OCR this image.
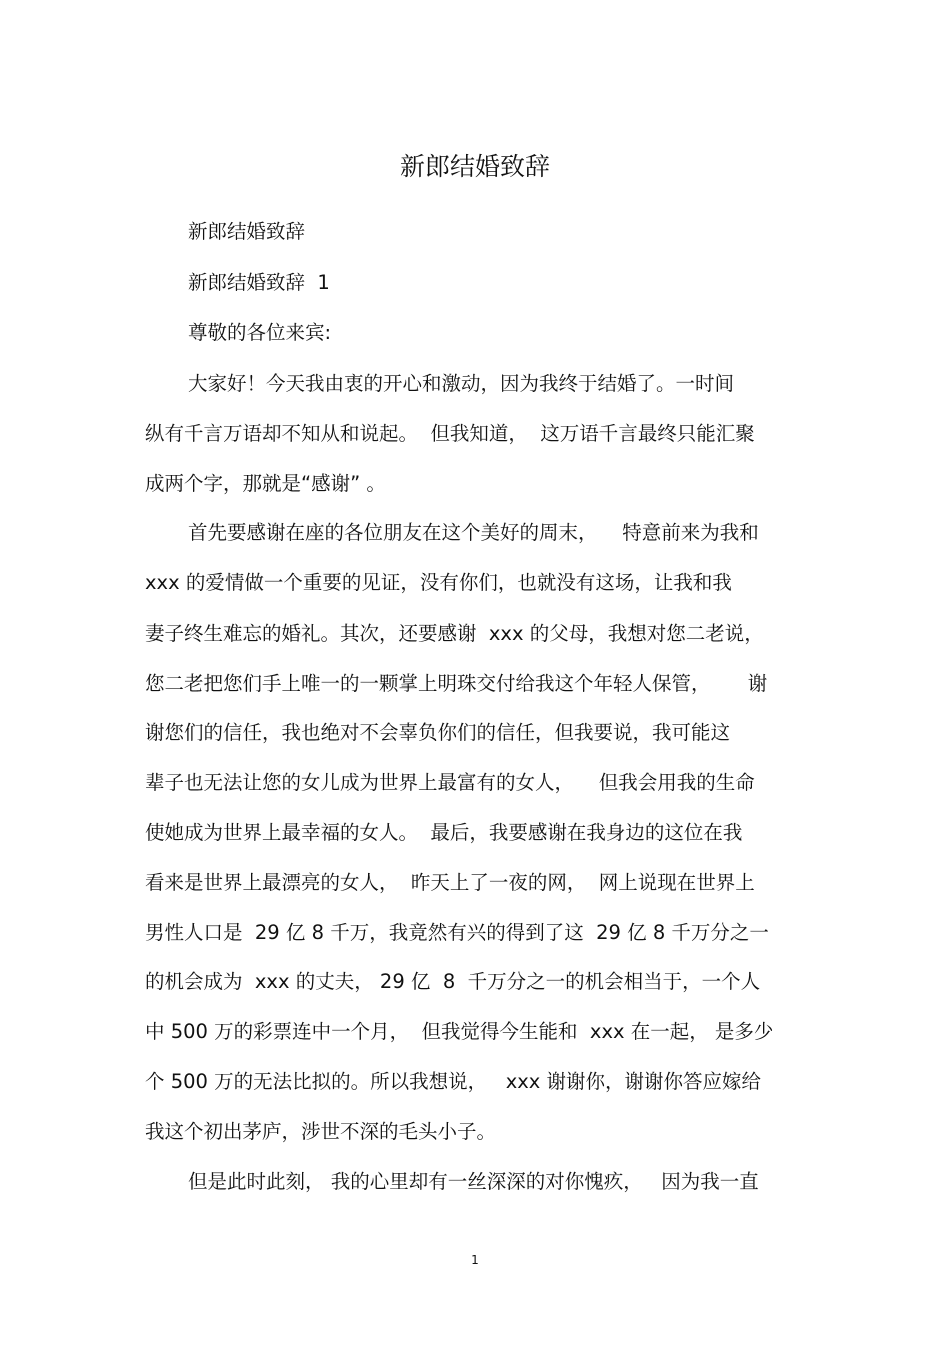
新郎结婚致辞
新郎结婚致辞
新郎结婚致辞  1
尊敬的各位来宾:
大家好！今天我由衷的开心和激动，因为我终于结婚了。一时间
纵有千言万语却不知从和说起。  但我知道，  这万语千言最终只能汇聚
成两个字，那就是“感谢” 。
首先要感谢在座的各位朋友在这个美好的周末，    特意前来为我和
xxx 的爱情做一个重要的见证，没有你们，也就没有这场，让我和我
妻子终生难忘的婚礼。其次，还要感谢  xxx 的父母，我想对您二老说，
您二老把您们手上唯一的一颗掌上明珠交付给我这个年轻人保管，      谢
谢您们的信任，我也绝对不会辜负你们的信任，但我要说，我可能这
辈子也无法让您的女儿成为世界上最富有的女人，    但我会用我的生命
使她成为世界上最幸福的女人。  最后，我要感谢在我身边的这位在我
看来是世界上最漂亮的女人，  昨天上了一夜的网，  网上说现在世界上
男性人口是  29 亿 8 千万，我竟然有兴的得到了这  29 亿 8 千万分之一
的机会成为  xxx 的丈夫， 29 亿  8  千万分之一的机会相当于，一个人
中 500 万的彩票连中一个月，  但我觉得今生能和  xxx 在一起， 是多少
个 500 万的无法比拟的。所以我想说，   xxx 谢谢你，谢谢你答应嫁给
我这个初出茅庐，涉世不深的毛头小子。
但是此时此刻， 我的心里却有一丝深深的对你愧疚，   因为我一直
1
